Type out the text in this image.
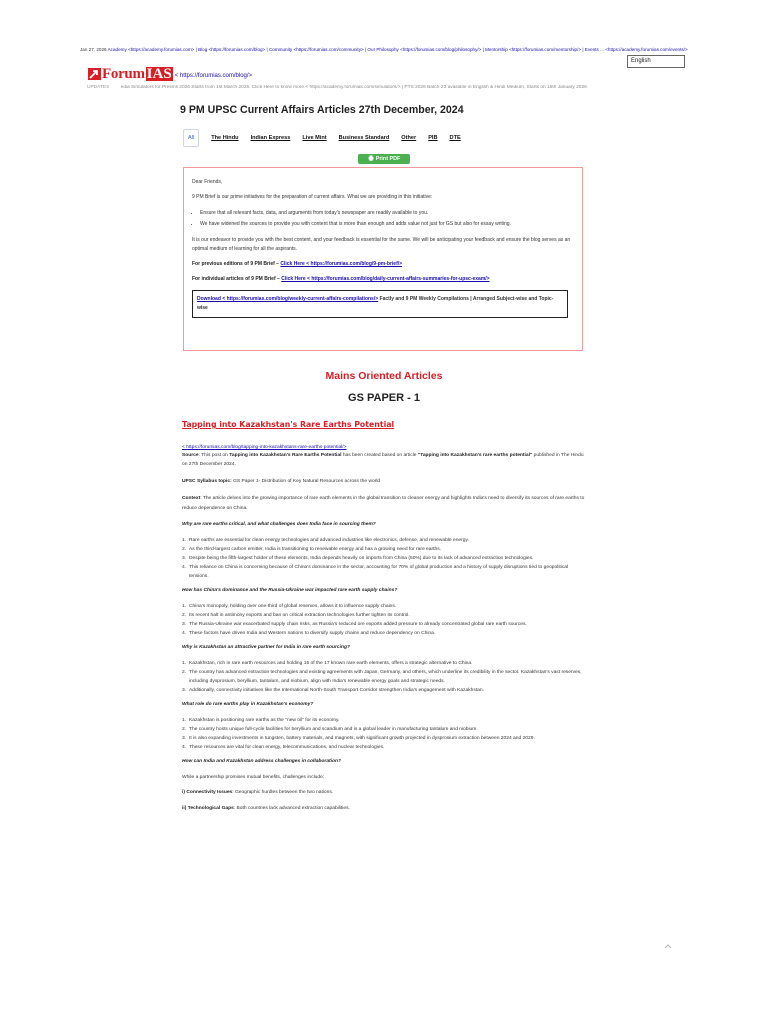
Jan 27, 2026 Academy <https://academy.forumias.com> | Blog <https://forumias.com/blog> | Community <https://forumias.com/community> | Our Philosophy <https://forumias.com/blog/philosophy/> | Mentorship <https://forumias.com/mentorship/> | Events ... <https://academy.forumias.com/events/>
Forum IAS < https://forumias.com/blog/>
English
UPDATES edia Simulators for Prelims 2026 Starts from 1st March 2026. Click Here to know more < https://academy.forumias.com/simulators/> | PTS 2026 Batch-23 available in English & Hindi Medium, Starts on 15th January 2026
9 PM UPSC Current Affairs Articles 27th December, 2024
All	The Hindu Indian Express Live Mint Business Standard Other PIB DTE
Print PDF

Dear Friends,

9 PM Brief is our prime initiatives for the preparation of current affairs. What we are providing in this initiative:

• Ensure that all relevant facts, data, and arguments from today's newspaper are readily available to you.
• We have widened the sources to provide you with content that is more than enough and adds value not just for GS but also for essay writing.

It is our endeavor to provide you with the best content, and your feedback is essential for the same. We will be anticipating your feedback and ensure the blog serves as an optimal medium of learning for all the aspirants.

For previous editions of 9 PM Brief – Click Here < https://forumias.com/blog/9-pm-brief/>

For individual articles of 9 PM Brief – Click Here < https://forumias.com/blog/daily-current-affairs-summaries-for-upsc-exam/>

Download < https://forumias.com/blog/weekly-current-affairs-compilations/> Factly and 9 PM Weekly Compilations | Arranged Subject-wise and Topic-wise
Mains Oriented Articles
GS PAPER - 1
Tapping into Kazakhstan's Rare Earths Potential

< https://forumias.com/blog/tapping-into-kazakhstans-rare-earths-potential/>

Source: This post on Tapping into Kazakhstan's Rare Earths Potential has been created based on article "Tapping into Kazakhstan's rare earths potential" published in The Hindu on 27th December 2024.

UPSC Syllabus topic: GS Paper 1- Distribution of Key Natural Resources across the world

Context: The article delves into the growing importance of rare earth elements in the global transition to cleaner energy and highlights India's need to diversify its sources of rare earths to reduce dependence on China.

Why are rare earths critical, and what challenges does India face in sourcing them?

1. Rare earths are essential for clean energy technologies and advanced industries like electronics, defense, and renewable energy.
2. As the third-largest carbon emitter, India is transitioning to renewable energy and has a growing need for rare earths.
3. Despite being the fifth-largest holder of these elements, India depends heavily on imports from China (60%) due to its lack of advanced extraction technologies.
4. This reliance on China is concerning because of China's dominance in the sector, accounting for 70% of global production and a history of supply disruptions tied to geopolitical tensions.

How has China's dominance and the Russia-Ukraine war impacted rare earth supply chains?

1. China's monopoly, holding over one-third of global reserves, allows it to influence supply chains.
2. Its recent halt in antimony exports and ban on critical extraction technologies further tighten its control.
3. The Russia-Ukraine war exacerbated supply chain risks, as Russia's reduced ore exports added pressure to already concentrated global rare earth sources.
4. These factors have driven India and Western nations to diversify supply chains and reduce dependency on China.

Why is Kazakhstan an attractive partner for India in rare earth sourcing?

1. Kazakhstan, rich in rare earth resources and holding 15 of the 17 known rare earth elements, offers a strategic alternative to China.
2. The country has advanced extraction technologies and existing agreements with Japan, Germany, and others, which underline its credibility in the sector. Kazakhstan's vast reserves, including dysprosium, beryllium, tantalum, and niobium, align with India's renewable energy goals and strategic needs.
3. Additionally, connectivity initiatives like the International North-South Transport Corridor strengthen India's engagement with Kazakhstan.

What role do rare earths play in Kazakhstan's economy?

1. Kazakhstan is positioning rare earths as the "new oil" for its economy.
2. The country hosts unique full-cycle facilities for beryllium and scandium and is a global leader in manufacturing tantalum and niobium.
3. It is also expanding investments in tungsten, battery materials, and magnets, with significant growth projected in dysprosium extraction between 2024 and 2029.
4. These resources are vital for clean energy, telecommunications, and nuclear technologies.

How can India and Kazakhstan address challenges in collaboration?

While a partnership promises mutual benefits, challenges include:

i) Connectivity Issues: Geographic hurdles between the two nations.

ii) Technological Gaps: Both countries lack advanced extraction capabilities.
